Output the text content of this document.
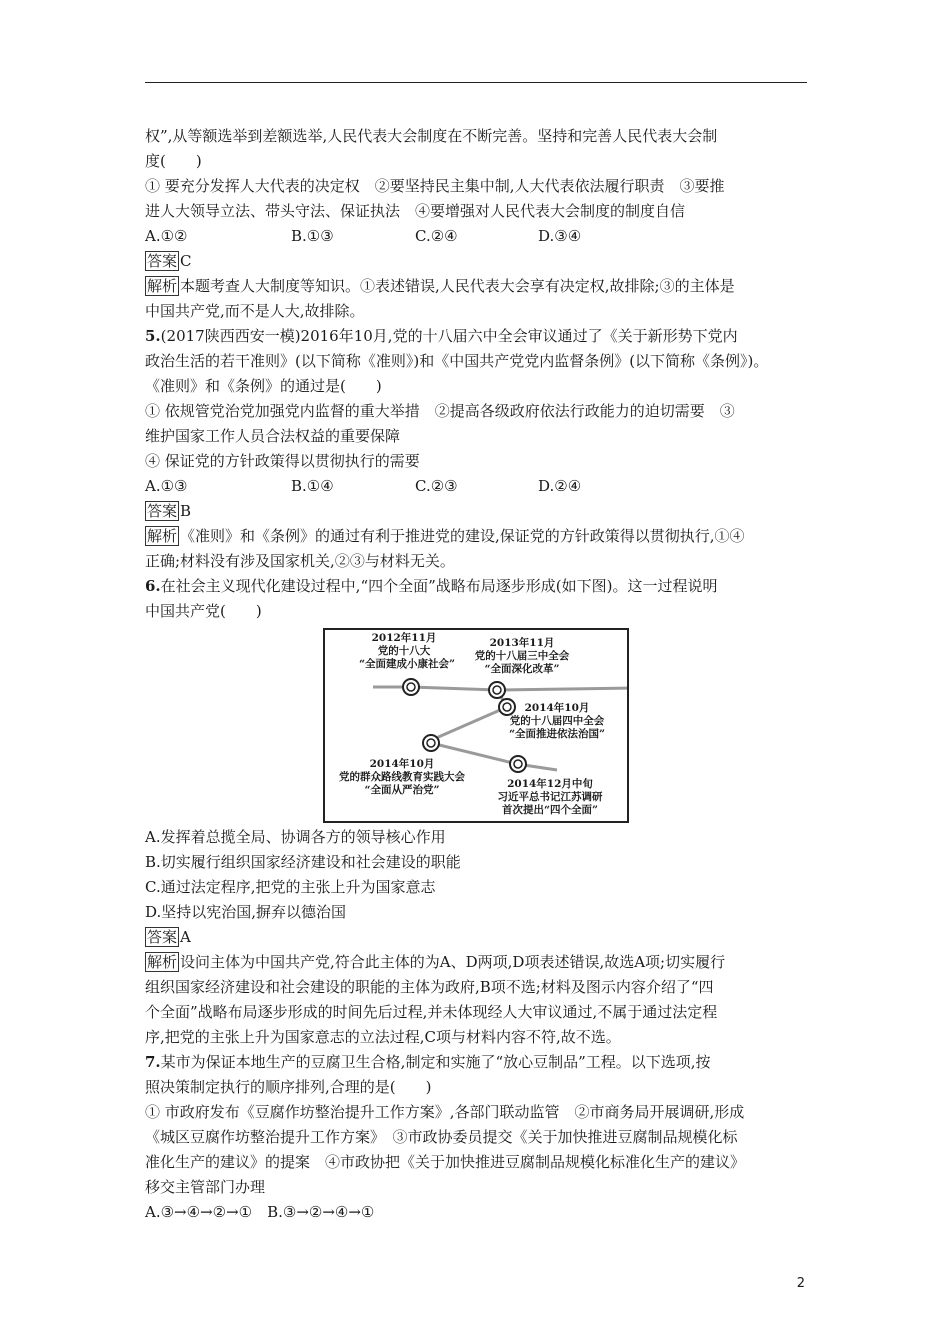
权”,从等额选举到差额选举,人民代表大会制度在不断完善。坚持和完善人民代表大会制
度(　　)
① 要充分发挥人大代表的决定权　②要坚持民主集中制,人大代表依法履行职责　③要推
进人大领导立法、带头守法、保证执法　④要增强对人民代表大会制度的制度自信
A.①②	B.①③	C.②④	D.③④
答案 C
解析 本题考查人大制度等知识。①表述错误,人民代表大会享有决定权,故排除;③的主体是
中国共产党,而不是人大,故排除。
5.(2017陕西西安一模)2016年10月,党的十八届六中全会审议通过了《关于新形势下党内
政治生活的若干准则》(以下简称《准则》)和《中国共产党党内监督条例》(以下简称《条例》)。
《准则》和《条例》的通过是(　　)
① 依规管党治党加强党内监督的重大举措　②提高各级政府依法行政能力的迫切需要　③
维护国家工作人员合法权益的重要保障
④ 保证党的方针政策得以贯彻执行的需要
A.①③	B.①④	C.②③	D.②④
答案 B
解析 《准则》和《条例》的通过有利于推进党的建设,保证党的方针政策得以贯彻执行,①④
正确;材料没有涉及国家机关,②③与材料无关。
6.在社会主义现代化建设过程中,“四个全面”战略布局逐步形成(如下图)。这一过程说明
中国共产党(　　)
2012年11月
党的十八大
“全面建成小康社会”
2013年11月
党的十八届三中全会
“全面深化改革”
2014年10月
党的十八届四中全会
“全面推进依法治国”
2014年10月
党的群众路线教育实践大会
“全面从严治党”	2014年12月中旬
习近平总书记江苏调研
首次提出“四个全面”
A.发挥着总揽全局、协调各方的领导核心作用
B.切实履行组织国家经济建设和社会建设的职能
C.通过法定程序,把党的主张上升为国家意志
D.坚持以宪治国,摒弃以德治国
答案 A
解析 设问主体为中国共产党,符合此主体的为A、D两项,D项表述错误,故选A项;切实履行
组织国家经济建设和社会建设的职能的主体为政府,B项不选;材料及图示内容介绍了“四
个全面”战略布局逐步形成的时间先后过程,并未体现经人大审议通过,不属于通过法定程
序,把党的主张上升为国家意志的立法过程,C项与材料内容不符,故不选。
7.某市为保证本地生产的豆腐卫生合格,制定和实施了“放心豆制品”工程。以下选项,按
照决策制定执行的顺序排列,合理的是(　　)
① 市政府发布《豆腐作坊整治提升工作方案》,各部门联动监管　②市商务局开展调研,形成
《城区豆腐作坊整治提升工作方案》　③市政协委员提交《关于加快推进豆腐制品规模化标
准化生产的建议》的提案　④市政协把《关于加快推进豆腐制品规模化标准化生产的建议》
移交主管部门办理
A.③→④→②→①　B.③→②→④→①
2
